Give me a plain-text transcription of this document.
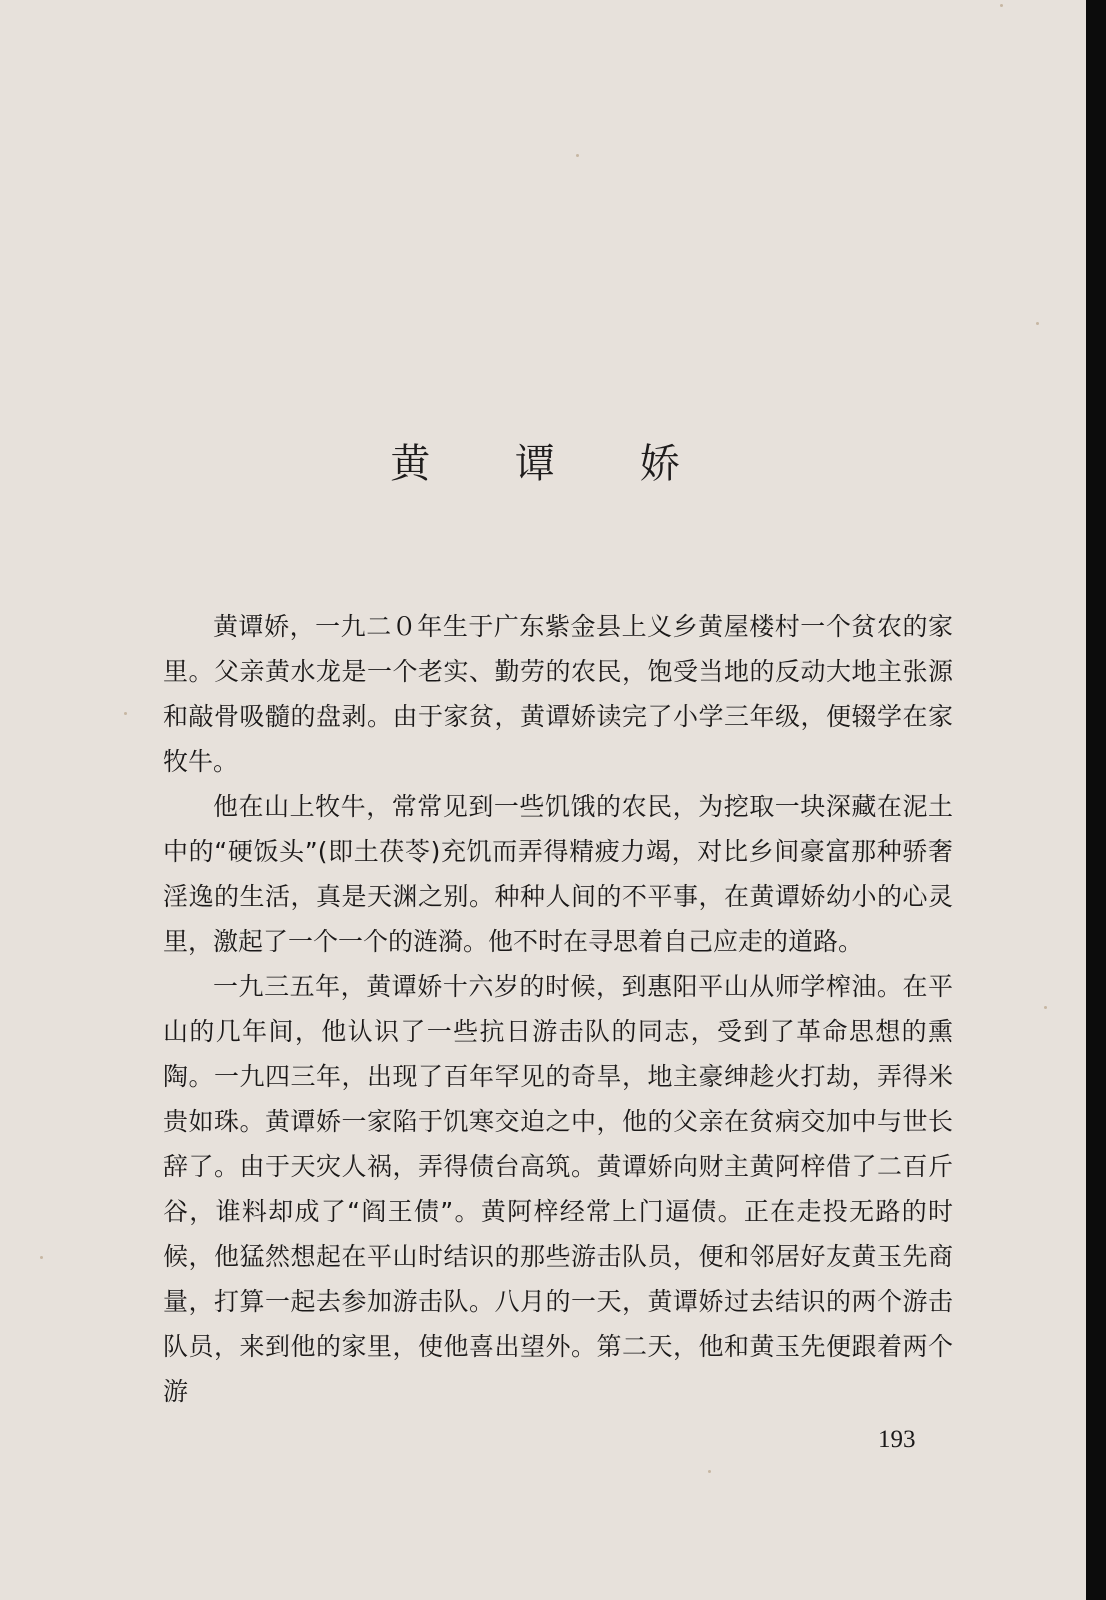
黄 谭 娇

黄谭娇，一九二０年生于广东紫金县上义乡黄屋楼村一个贫农的家里。父亲黄水龙是一个老实、勤劳的农民，饱受当地的反动大地主张源和敲骨吸髓的盘剥。由于家贫，黄谭娇读完了小学三年级，便辍学在家牧牛。

他在山上牧牛，常常见到一些饥饿的农民，为挖取一块深藏在泥土中的“硬饭头”(即土茯苓)充饥而弄得精疲力竭，对比乡间豪富那种骄奢淫逸的生活，真是天渊之别。种种人间的不平事，在黄谭娇幼小的心灵里，激起了一个一个的涟漪。他不时在寻思着自己应走的道路。

一九三五年，黄谭娇十六岁的时候，到惠阳平山从师学榨油。在平山的几年间，他认识了一些抗日游击队的同志，受到了革命思想的熏陶。一九四三年，出现了百年罕见的奇旱，地主豪绅趁火打劫，弄得米贵如珠。黄谭娇一家陷于饥寒交迫之中，他的父亲在贫病交加中与世长辞了。由于天灾人祸，弄得债台高筑。黄谭娇向财主黄阿梓借了二百斤谷，谁料却成了“阎王债”。黄阿梓经常上门逼债。正在走投无路的时候，他猛然想起在平山时结识的那些游击队员，便和邻居好友黄玉先商量，打算一起去参加游击队。八月的一天，黄谭娇过去结识的两个游击队员，来到他的家里，使他喜出望外。第二天，他和黄玉先便跟着两个游

193
